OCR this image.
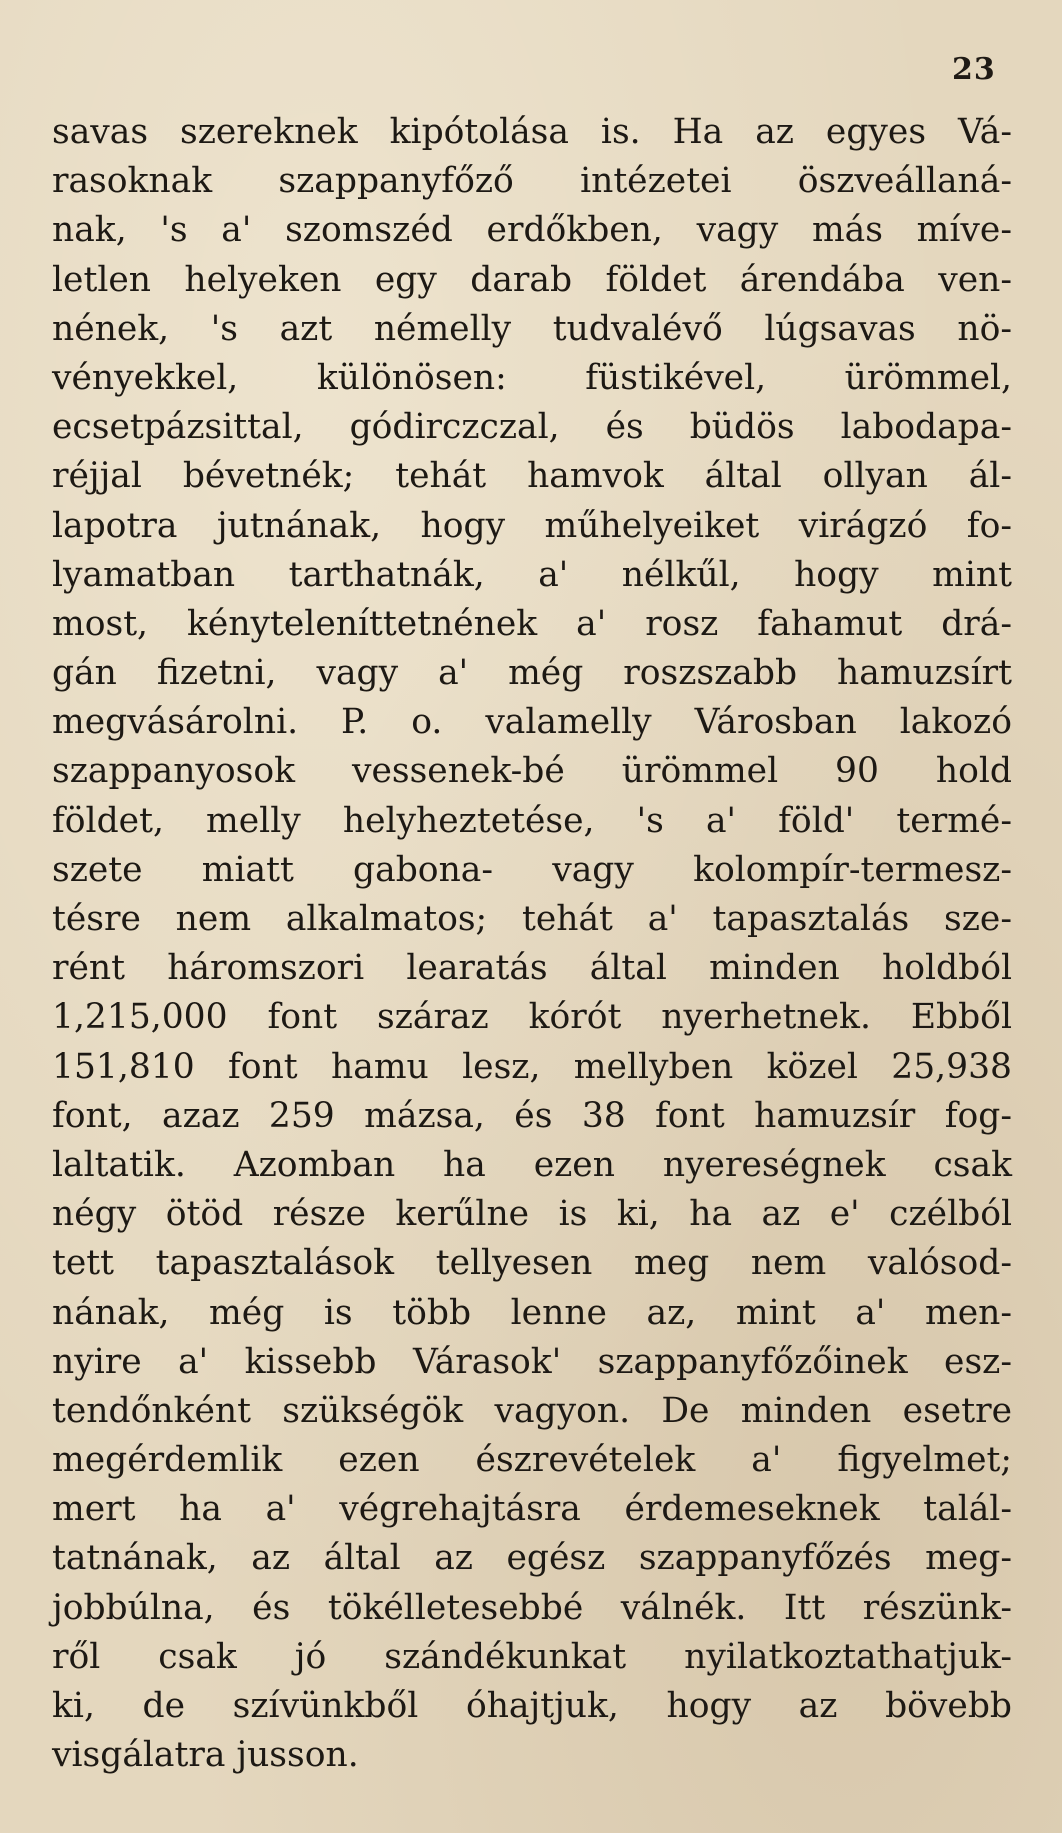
23
savas szereknek kipótolása is. Ha az egyes Vá-
rasoknak szappanyfőző intézetei öszveállaná-
nak, 's a' szomszéd erdőkben, vagy más míve-
letlen helyeken egy darab földet árendába ven-
nének, 's azt némelly tudvalévő lúgsavas nö-
vényekkel, különösen: füstikével, ürömmel,
ecsetpázsittal, gódirczczal, és büdös labodapa-
réjjal bévetnék; tehát hamvok által ollyan ál-
lapotra jutnának, hogy műhelyeiket virágzó fo-
lyamatban tarthatnák, a' nélkűl, hogy mint
most, kényteleníttetnének a' rosz fahamut drá-
gán fizetni, vagy a' még roszszabb hamuzsírt
megvásárolni. P. o. valamelly Városban lakozó
szappanyosok vessenek-bé ürömmel 90 hold
földet, melly helyheztetése, 's a' föld' termé-
szete miatt gabona- vagy kolompír-termesz-
tésre nem alkalmatos; tehát a' tapasztalás sze-
rént háromszori learatás által minden holdból
1,215,000 font száraz kórót nyerhetnek. Ebből
151,810 font hamu lesz, mellyben közel 25,938
font, azaz 259 mázsa, és 38 font hamuzsír fog-
laltatik. Azomban ha ezen nyereségnek csak
négy ötöd része kerűlne is ki, ha az e' czélból
tett tapasztalások tellyesen meg nem valósod-
nának, még is több lenne az, mint a' men-
nyire a' kissebb Várasok' szappanyfőzőinek esz-
tendőnként szükségök vagyon. De minden esetre
megérdemlik ezen észrevételek a' figyelmet;
mert ha a' végrehajtásra érdemeseknek talál-
tatnának, az által az egész szappanyfőzés meg-
jobbúlna, és tökélletesebbé válnék. Itt részünk-
ről csak jó szándékunkat nyilatkoztathatjuk-
ki, de szívünkből óhajtjuk, hogy az bövebb
visgálatra jusson.
